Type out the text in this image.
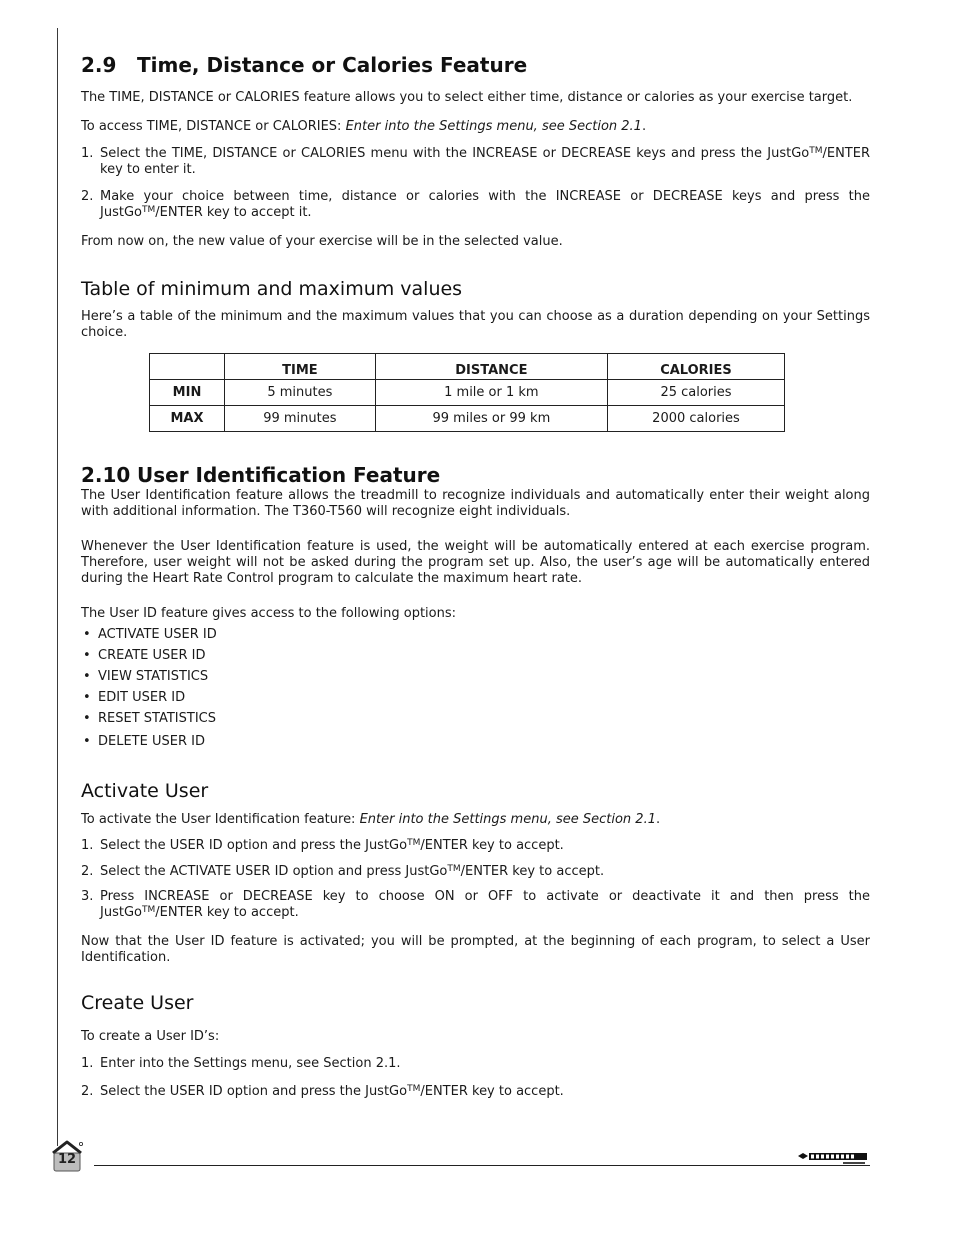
2.9 Time, Distance or Calories Feature

The TIME, DISTANCE or CALORIES feature allows you to select either time, distance or calories as your exercise target.

To access TIME, DISTANCE or CALORIES: Enter into the Settings menu, see Section 2.1.

1. Select the TIME, DISTANCE or CALORIES menu with the INCREASE or DECREASE keys and press the JustGo™/ENTER key to enter it.

2. Make your choice between time, distance or calories with the INCREASE or DECREASE keys and press the JustGo™/ENTER key to accept it.

From now on, the new value of your exercise will be in the selected value.

Table of minimum and maximum values

Here’s a table of the minimum and the maximum values that you can choose as a duration depending on your Settings choice.

	TIME	DISTANCE	CALORIES
MIN	5 minutes	1 mile or 1 km	25 calories
MAX	99 minutes	99 miles or 99 km	2000 calories
2.10 User Identification Feature

The User Identification feature allows the treadmill to recognize individuals and automatically enter their weight along with additional information. The T360-T560 will recognize eight individuals.

Whenever the User Identification feature is used, the weight will be automatically entered at each exercise program. Therefore, user weight will not be asked during the program set up. Also, the user’s age will be automatically entered during the Heart Rate Control program to calculate the maximum heart rate.

The User ID feature gives access to the following options:

• ACTIVATE USER ID
• CREATE USER ID
• VIEW STATISTICS
• EDIT USER ID
• RESET STATISTICS
• DELETE USER ID
Activate User

To activate the User Identification feature: Enter into the Settings menu, see Section 2.1.

1. Select the USER ID option and press the JustGo™/ENTER key to accept.

2. Select the ACTIVATE USER ID option and press JustGo™/ENTER key to accept.

3. Press INCREASE or DECREASE key to choose ON or OFF to activate or deactivate it and then press the JustGo™/ENTER key to accept.

Now that the User ID feature is activated; you will be prompted, at the beginning of each program, to select a User Identification.

Create User

To create a User ID’s:

1. Enter into the Settings menu, see Section 2.1.

2. Select the USER ID option and press the JustGo™/ENTER key to accept.

12
